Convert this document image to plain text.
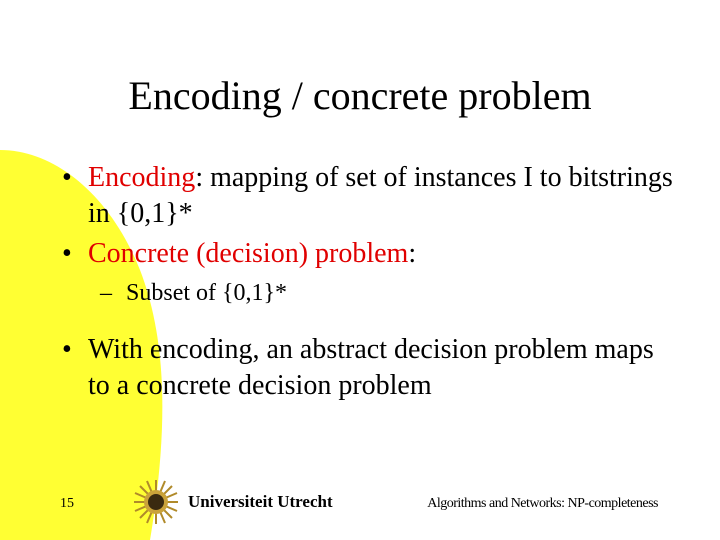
Encoding / concrete problem
• Encoding: mapping of set of instances I to bitstrings in {0,1}*
• Concrete (decision) problem:
– Subset of {0,1}*
• With encoding, an abstract decision problem maps to a concrete decision problem
15	Universiteit Utrecht	Algorithms and Networks: NP-completeness
